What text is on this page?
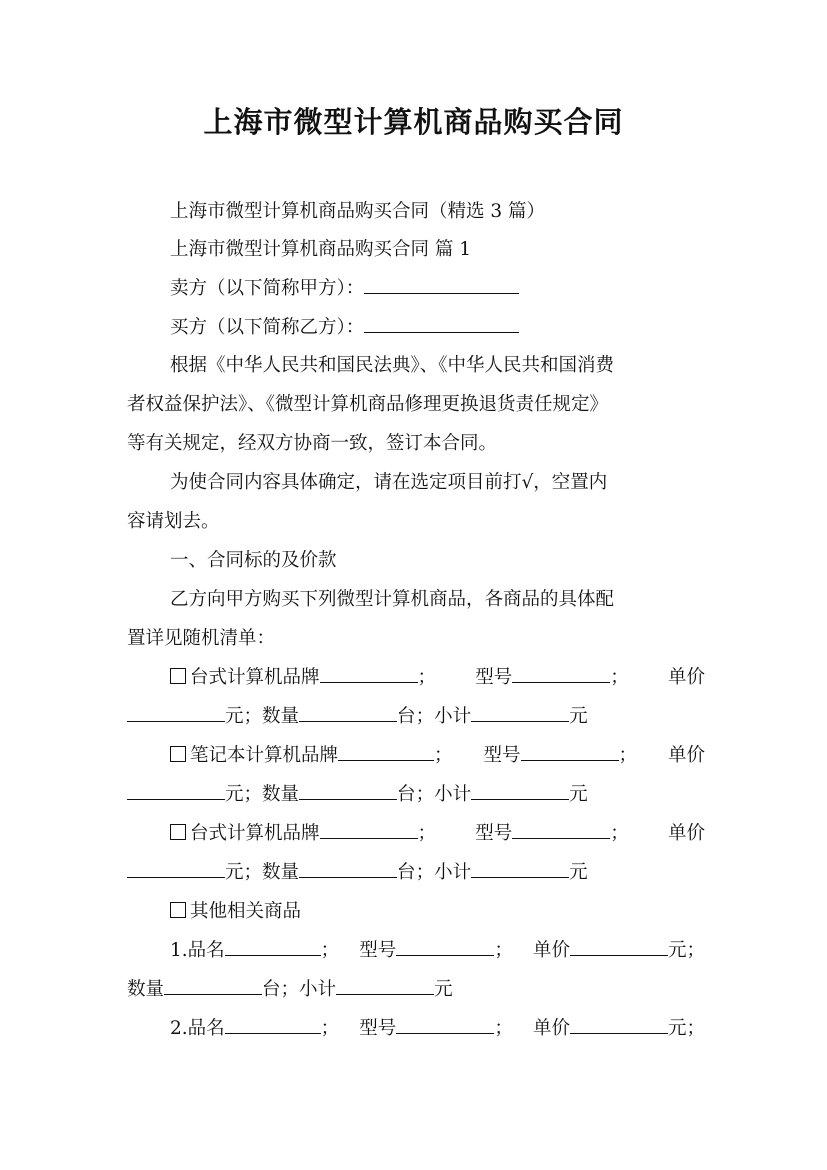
上海市微型计算机商品购买合同
上海市微型计算机商品购买合同（精选 3 篇）
上海市微型计算机商品购买合同 篇 1
卖方（以下简称甲方）：
买方（以下简称乙方）：
根据《中华人民共和国民法典》、《中华人民共和国消费
者权益保护法》、《微型计算机商品修理更换退货责任规定》
等有关规定，经双方协商一致，签订本合同。
为使合同内容具体确定，请在选定项目前打√，空置内
容请划去。
一、合同标的及价款
乙方向甲方购买下列微型计算机商品，各商品的具体配
置详见随机清单：
台式计算机品牌	； 型号	； 单价
元；数量	台；小计	元
笔记本计算机品牌	； 型号	； 单价
元；数量	台；小计	元
台式计算机品牌	； 型号	； 单价
元；数量	台；小计	元
其他相关商品
1.品名	； 型号	； 单价	元；
数量	台；小计	元
2.品名	； 型号	； 单价	元；
